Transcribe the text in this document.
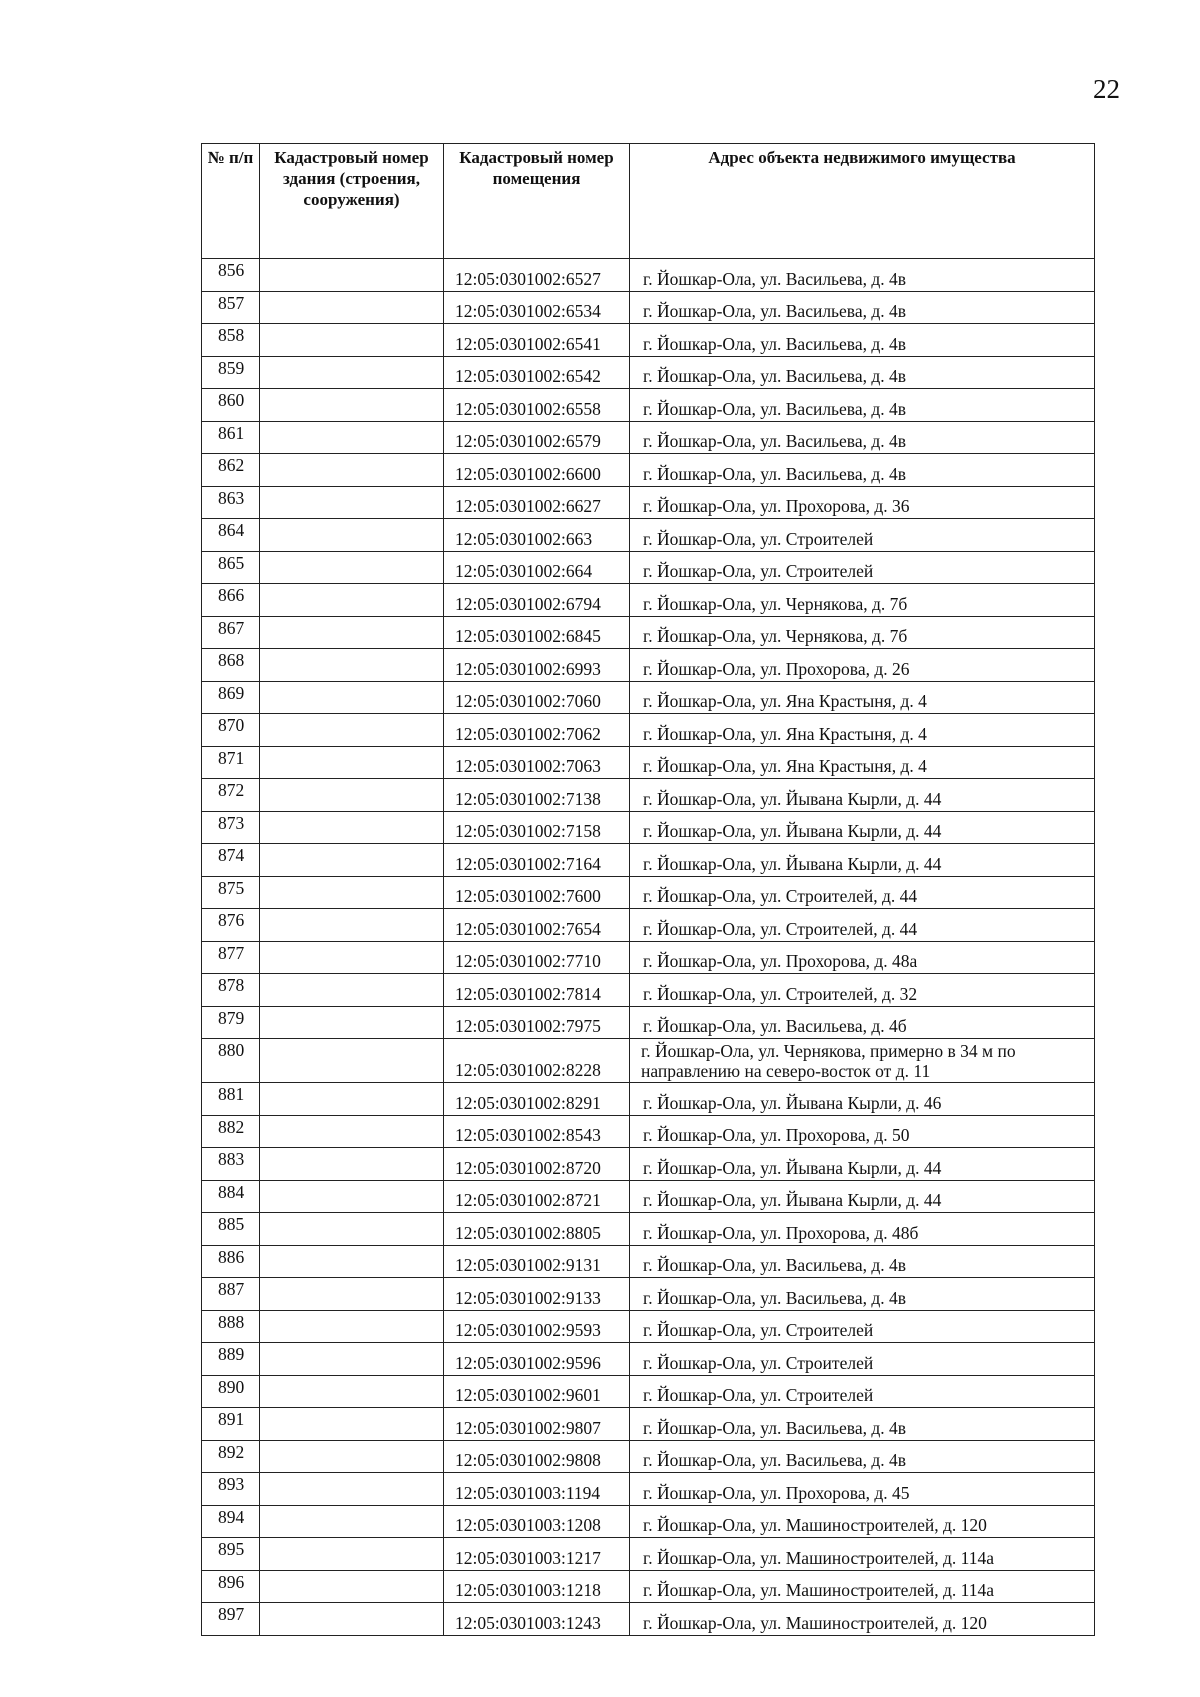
22
№ п/п	Кадастровый номер здания (строения, сооружения)	Кадастровый номер помещения	Адрес объекта недвижимого имущества
856		12:05:0301002:6527	г. Йошкар-Ола, ул. Васильева, д. 4в
857		12:05:0301002:6534	г. Йошкар-Ола, ул. Васильева, д. 4в
858		12:05:0301002:6541	г. Йошкар-Ола, ул. Васильева, д. 4в
859		12:05:0301002:6542	г. Йошкар-Ола, ул. Васильева, д. 4в
860		12:05:0301002:6558	г. Йошкар-Ола, ул. Васильева, д. 4в
861		12:05:0301002:6579	г. Йошкар-Ола, ул. Васильева, д. 4в
862		12:05:0301002:6600	г. Йошкар-Ола, ул. Васильева, д. 4в
863		12:05:0301002:6627	г. Йошкар-Ола, ул. Прохорова, д. 36
864		12:05:0301002:663	г. Йошкар-Ола, ул. Строителей
865		12:05:0301002:664	г. Йошкар-Ола, ул. Строителей
866		12:05:0301002:6794	г. Йошкар-Ола, ул. Чернякова, д. 7б
867		12:05:0301002:6845	г. Йошкар-Ола, ул. Чернякова, д. 7б
868		12:05:0301002:6993	г. Йошкар-Ола, ул. Прохорова, д. 26
869		12:05:0301002:7060	г. Йошкар-Ола, ул. Яна Крастыня, д. 4
870		12:05:0301002:7062	г. Йошкар-Ола, ул. Яна Крастыня, д. 4
871		12:05:0301002:7063	г. Йошкар-Ола, ул. Яна Крастыня, д. 4
872		12:05:0301002:7138	г. Йошкар-Ола, ул. Йывана Кырли, д. 44
873		12:05:0301002:7158	г. Йошкар-Ола, ул. Йывана Кырли, д. 44
874		12:05:0301002:7164	г. Йошкар-Ола, ул. Йывана Кырли, д. 44
875		12:05:0301002:7600	г. Йошкар-Ола, ул. Строителей, д. 44
876		12:05:0301002:7654	г. Йошкар-Ола, ул. Строителей, д. 44
877		12:05:0301002:7710	г. Йошкар-Ола, ул. Прохорова, д. 48а
878		12:05:0301002:7814	г. Йошкар-Ола, ул. Строителей, д. 32
879		12:05:0301002:7975	г. Йошкар-Ола, ул. Васильева, д. 4б
880		12:05:0301002:8228	г. Йошкар-Ола, ул. Чернякова, примерно в 34 м по направлению на северо-восток от д. 11
881		12:05:0301002:8291	г. Йошкар-Ола, ул. Йывана Кырли, д. 46
882		12:05:0301002:8543	г. Йошкар-Ола, ул. Прохорова, д. 50
883		12:05:0301002:8720	г. Йошкар-Ола, ул. Йывана Кырли, д. 44
884		12:05:0301002:8721	г. Йошкар-Ола, ул. Йывана Кырли, д. 44
885		12:05:0301002:8805	г. Йошкар-Ола, ул. Прохорова, д. 48б
886		12:05:0301002:9131	г. Йошкар-Ола, ул. Васильева, д. 4в
887		12:05:0301002:9133	г. Йошкар-Ола, ул. Васильева, д. 4в
888		12:05:0301002:9593	г. Йошкар-Ола, ул. Строителей
889		12:05:0301002:9596	г. Йошкар-Ола, ул. Строителей
890		12:05:0301002:9601	г. Йошкар-Ола, ул. Строителей
891		12:05:0301002:9807	г. Йошкар-Ола, ул. Васильева, д. 4в
892		12:05:0301002:9808	г. Йошкар-Ола, ул. Васильева, д. 4в
893		12:05:0301003:1194	г. Йошкар-Ола, ул. Прохорова, д. 45
894		12:05:0301003:1208	г. Йошкар-Ола, ул. Машиностроителей, д. 120
895		12:05:0301003:1217	г. Йошкар-Ола, ул. Машиностроителей, д. 114а
896		12:05:0301003:1218	г. Йошкар-Ола, ул. Машиностроителей, д. 114а
897		12:05:0301003:1243	г. Йошкар-Ола, ул. Машиностроителей, д. 120
